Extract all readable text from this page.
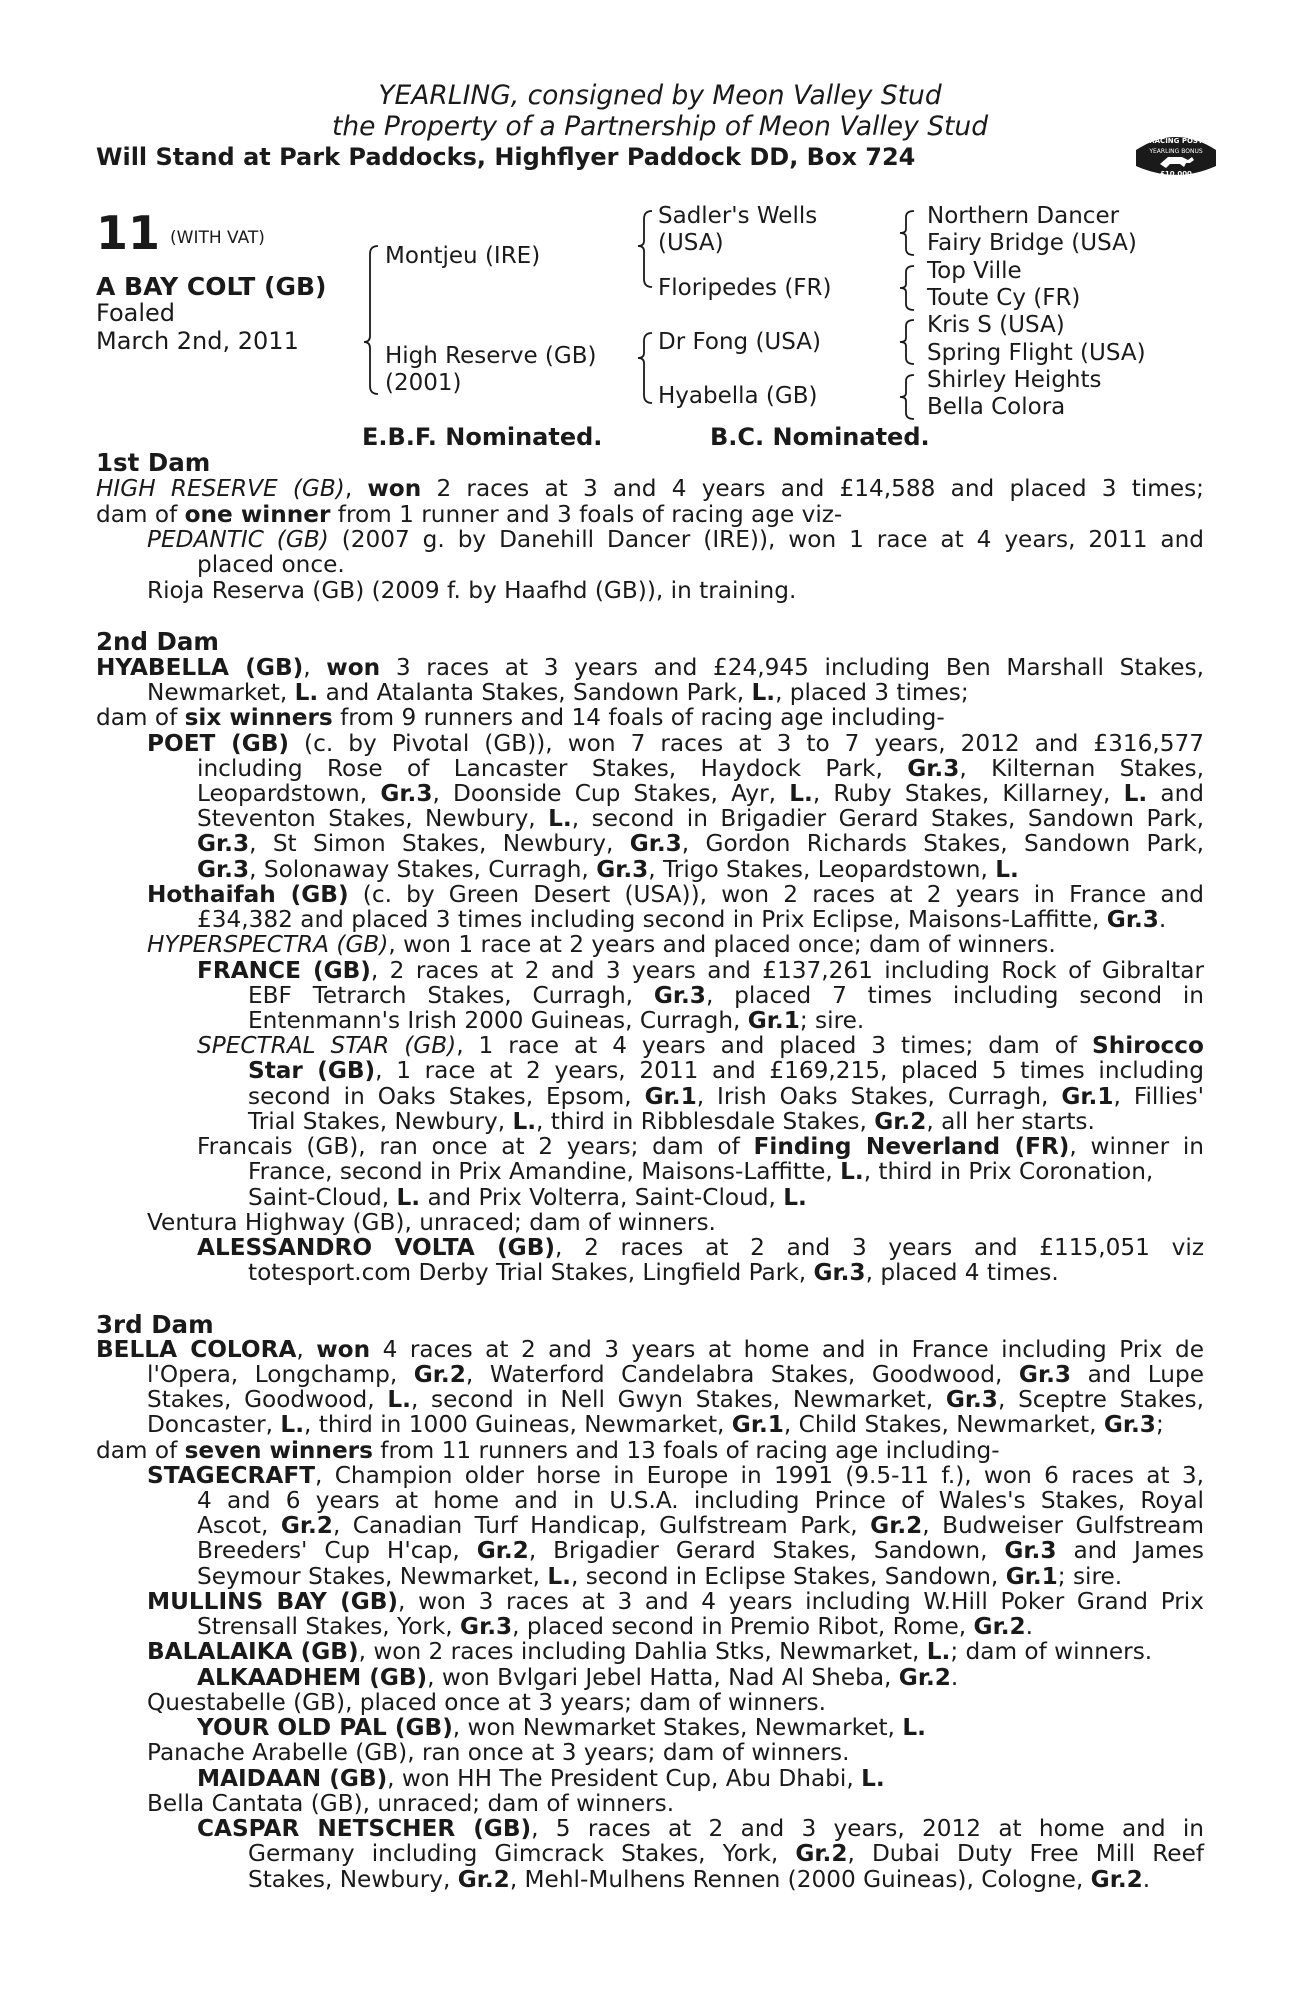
YEARLING, consigned by Meon Valley Stud
the Property of a Partnership of Meon Valley Stud
Will Stand at Park Paddocks, Highflyer Paddock DD, Box 724
RACING POST
YEARLING BONUS
£10,000
11 (WITH VAT)
A BAY COLT (GB)
Foaled
March 2nd, 2011
Montjeu (IRE)
High Reserve (GB)
(2001)
Sadler's Wells
(USA)
Floripedes (FR)
Dr Fong (USA)
Hyabella (GB)
Northern Dancer
Fairy Bridge (USA)
Top Ville
Toute Cy (FR)
Kris S (USA)
Spring Flight (USA)
Shirley Heights
Bella Colora
E.B.F. Nominated.	B.C. Nominated.
1st Dam
HIGH RESERVE (GB), won 2 races at 3 and 4 years and £14,588 and placed 3 times;
dam of one winner from 1 runner and 3 foals of racing age viz-
PEDANTIC (GB) (2007 g. by Danehill Dancer (IRE)), won 1 race at 4 years, 2011 and
placed once.
Rioja Reserva (GB) (2009 f. by Haafhd (GB)), in training.
2nd Dam
HYABELLA (GB), won 3 races at 3 years and £24,945 including Ben Marshall Stakes,
Newmarket, L. and Atalanta Stakes, Sandown Park, L., placed 3 times;
dam of six winners from 9 runners and 14 foals of racing age including-
POET (GB) (c. by Pivotal (GB)), won 7 races at 3 to 7 years, 2012 and £316,577
including Rose of Lancaster Stakes, Haydock Park, Gr.3, Kilternan Stakes,
Leopardstown, Gr.3, Doonside Cup Stakes, Ayr, L., Ruby Stakes, Killarney, L. and
Steventon Stakes, Newbury, L., second in Brigadier Gerard Stakes, Sandown Park,
Gr.3, St Simon Stakes, Newbury, Gr.3, Gordon Richards Stakes, Sandown Park,
Gr.3, Solonaway Stakes, Curragh, Gr.3, Trigo Stakes, Leopardstown, L.
Hothaifah (GB) (c. by Green Desert (USA)), won 2 races at 2 years in France and
£34,382 and placed 3 times including second in Prix Eclipse, Maisons-Laffitte, Gr.3.
HYPERSPECTRA (GB), won 1 race at 2 years and placed once; dam of winners.
FRANCE (GB), 2 races at 2 and 3 years and £137,261 including Rock of Gibraltar
EBF Tetrarch Stakes, Curragh, Gr.3, placed 7 times including second in
Entenmann's Irish 2000 Guineas, Curragh, Gr.1; sire.
SPECTRAL STAR (GB), 1 race at 4 years and placed 3 times; dam of Shirocco
Star (GB), 1 race at 2 years, 2011 and £169,215, placed 5 times including
second in Oaks Stakes, Epsom, Gr.1, Irish Oaks Stakes, Curragh, Gr.1, Fillies'
Trial Stakes, Newbury, L., third in Ribblesdale Stakes, Gr.2, all her starts.
Francais (GB), ran once at 2 years; dam of Finding Neverland (FR), winner in
France, second in Prix Amandine, Maisons-Laffitte, L., third in Prix Coronation,
Saint-Cloud, L. and Prix Volterra, Saint-Cloud, L.
Ventura Highway (GB), unraced; dam of winners.
ALESSANDRO VOLTA (GB), 2 races at 2 and 3 years and £115,051 viz
totesport.com Derby Trial Stakes, Lingfield Park, Gr.3, placed 4 times.
3rd Dam
BELLA COLORA, won 4 races at 2 and 3 years at home and in France including Prix de
l'Opera, Longchamp, Gr.2, Waterford Candelabra Stakes, Goodwood, Gr.3 and Lupe
Stakes, Goodwood, L., second in Nell Gwyn Stakes, Newmarket, Gr.3, Sceptre Stakes,
Doncaster, L., third in 1000 Guineas, Newmarket, Gr.1, Child Stakes, Newmarket, Gr.3;
dam of seven winners from 11 runners and 13 foals of racing age including-
STAGECRAFT, Champion older horse in Europe in 1991 (9.5-11 f.), won 6 races at 3,
4 and 6 years at home and in U.S.A. including Prince of Wales's Stakes, Royal
Ascot, Gr.2, Canadian Turf Handicap, Gulfstream Park, Gr.2, Budweiser Gulfstream
Breeders' Cup H'cap, Gr.2, Brigadier Gerard Stakes, Sandown, Gr.3 and James
Seymour Stakes, Newmarket, L., second in Eclipse Stakes, Sandown, Gr.1; sire.
MULLINS BAY (GB), won 3 races at 3 and 4 years including W.Hill Poker Grand Prix
Strensall Stakes, York, Gr.3, placed second in Premio Ribot, Rome, Gr.2.
BALALAIKA (GB), won 2 races including Dahlia Stks, Newmarket, L.; dam of winners.
ALKAADHEM (GB), won Bvlgari Jebel Hatta, Nad Al Sheba, Gr.2.
Questabelle (GB), placed once at 3 years; dam of winners.
YOUR OLD PAL (GB), won Newmarket Stakes, Newmarket, L.
Panache Arabelle (GB), ran once at 3 years; dam of winners.
MAIDAAN (GB), won HH The President Cup, Abu Dhabi, L.
Bella Cantata (GB), unraced; dam of winners.
CASPAR NETSCHER (GB), 5 races at 2 and 3 years, 2012 at home and in
Germany including Gimcrack Stakes, York, Gr.2, Dubai Duty Free Mill Reef
Stakes, Newbury, Gr.2, Mehl-Mulhens Rennen (2000 Guineas), Cologne, Gr.2.
